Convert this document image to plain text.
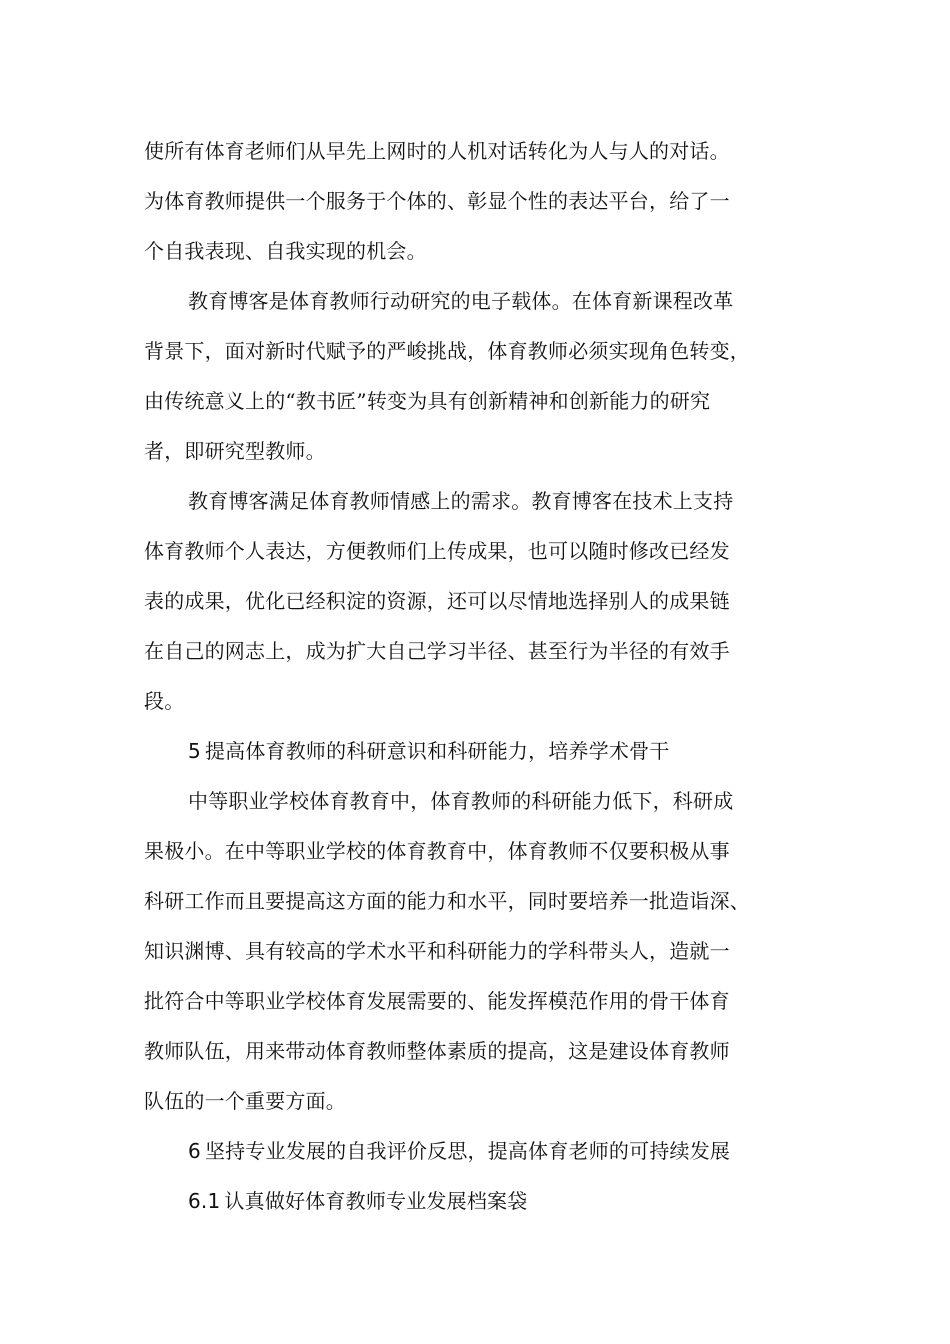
使所有体育老师们从早先上网时的人机对话转化为人与人的对话。
为体育教师提供一个服务于个体的、彰显个性的表达平台，给了一
个自我表现、自我实现的机会。
教育博客是体育教师行动研究的电子载体。在体育新课程改革
背景下，面对新时代赋予的严峻挑战，体育教师必须实现角色转变，
由传统意义上的“教书匠”转变为具有创新精神和创新能力的研究
者，即研究型教师。
教育博客满足体育教师情感上的需求。教育博客在技术上支持
体育教师个人表达，方便教师们上传成果，也可以随时修改已经发
表的成果，优化已经积淀的资源，还可以尽情地选择别人的成果链
在自己的网志上，成为扩大自己学习半径、甚至行为半径的有效手
段。
5 提高体育教师的科研意识和科研能力，培养学术骨干
中等职业学校体育教育中，体育教师的科研能力低下，科研成
果极小。在中等职业学校的体育教育中，体育教师不仅要积极从事
科研工作而且要提高这方面的能力和水平，同时要培养一批造诣深、
知识渊博、具有较高的学术水平和科研能力的学科带头人，造就一
批符合中等职业学校体育发展需要的、能发挥模范作用的骨干体育
教师队伍，用来带动体育教师整体素质的提高，这是建设体育教师
队伍的一个重要方面。
6 坚持专业发展的自我评价反思，提高体育老师的可持续发展
6.1 认真做好体育教师专业发展档案袋
